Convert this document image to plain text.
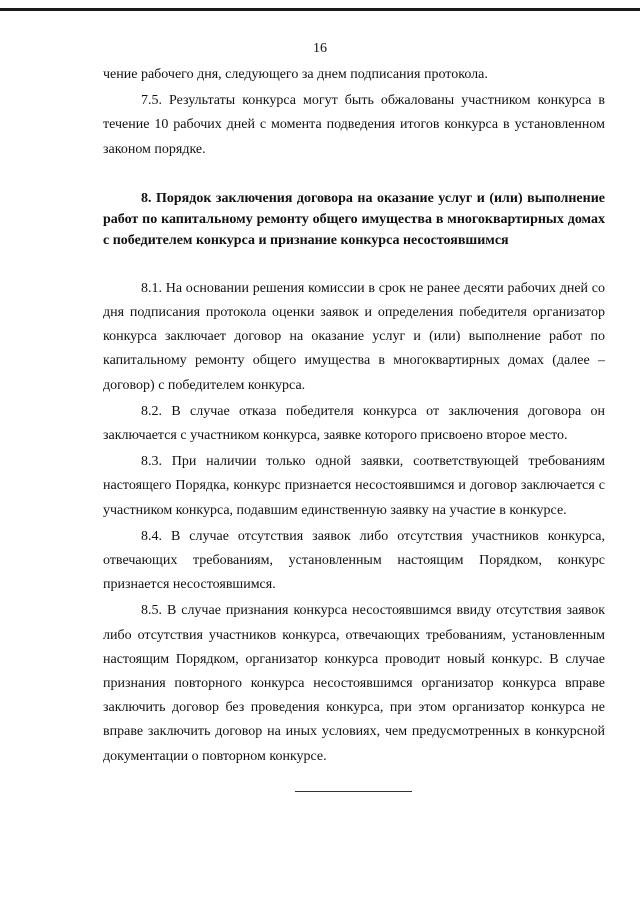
16

чение рабочего дня, следующего за днем подписания протокола.

7.5. Результаты конкурса могут быть обжалованы участником конкурса в течение 10 рабочих дней с момента подведения итогов конкурса в установленном законом порядке.

8. Порядок заключения договора на оказание услуг и (или) выполнение работ по капитальному ремонту общего имущества в многоквартирных домах с победителем конкурса и признание конкурса несостоявшимся

8.1. На основании решения комиссии в срок не ранее десяти рабочих дней со дня подписания протокола оценки заявок и определения победителя организатор конкурса заключает договор на оказание услуг и (или) выполнение работ по капитальному ремонту общего имущества в многоквартирных домах (далее – договор) с победителем конкурса.

8.2. В случае отказа победителя конкурса от заключения договора он заключается с участником конкурса, заявке которого присвоено второе место.

8.3. При наличии только одной заявки, соответствующей требованиям настоящего Порядка, конкурс признается несостоявшимся и договор заключается с участником конкурса, подавшим единственную заявку на участие в конкурсе.

8.4. В случае отсутствия заявок либо отсутствия участников конкурса, отвечающих требованиям, установленным настоящим Порядком, конкурс признается несостоявшимся.

8.5. В случае признания конкурса несостоявшимся ввиду отсутствия заявок либо отсутствия участников конкурса, отвечающих требованиям, установленным настоящим Порядком, организатор конкурса проводит новый конкурс. В случае признания повторного конкурса несостоявшимся организатор конкурса вправе заключить договор без проведения конкурса, при этом организатор конкурса не вправе заключить договор на иных условиях, чем предусмотренных в конкурсной документации о повторном конкурсе.
